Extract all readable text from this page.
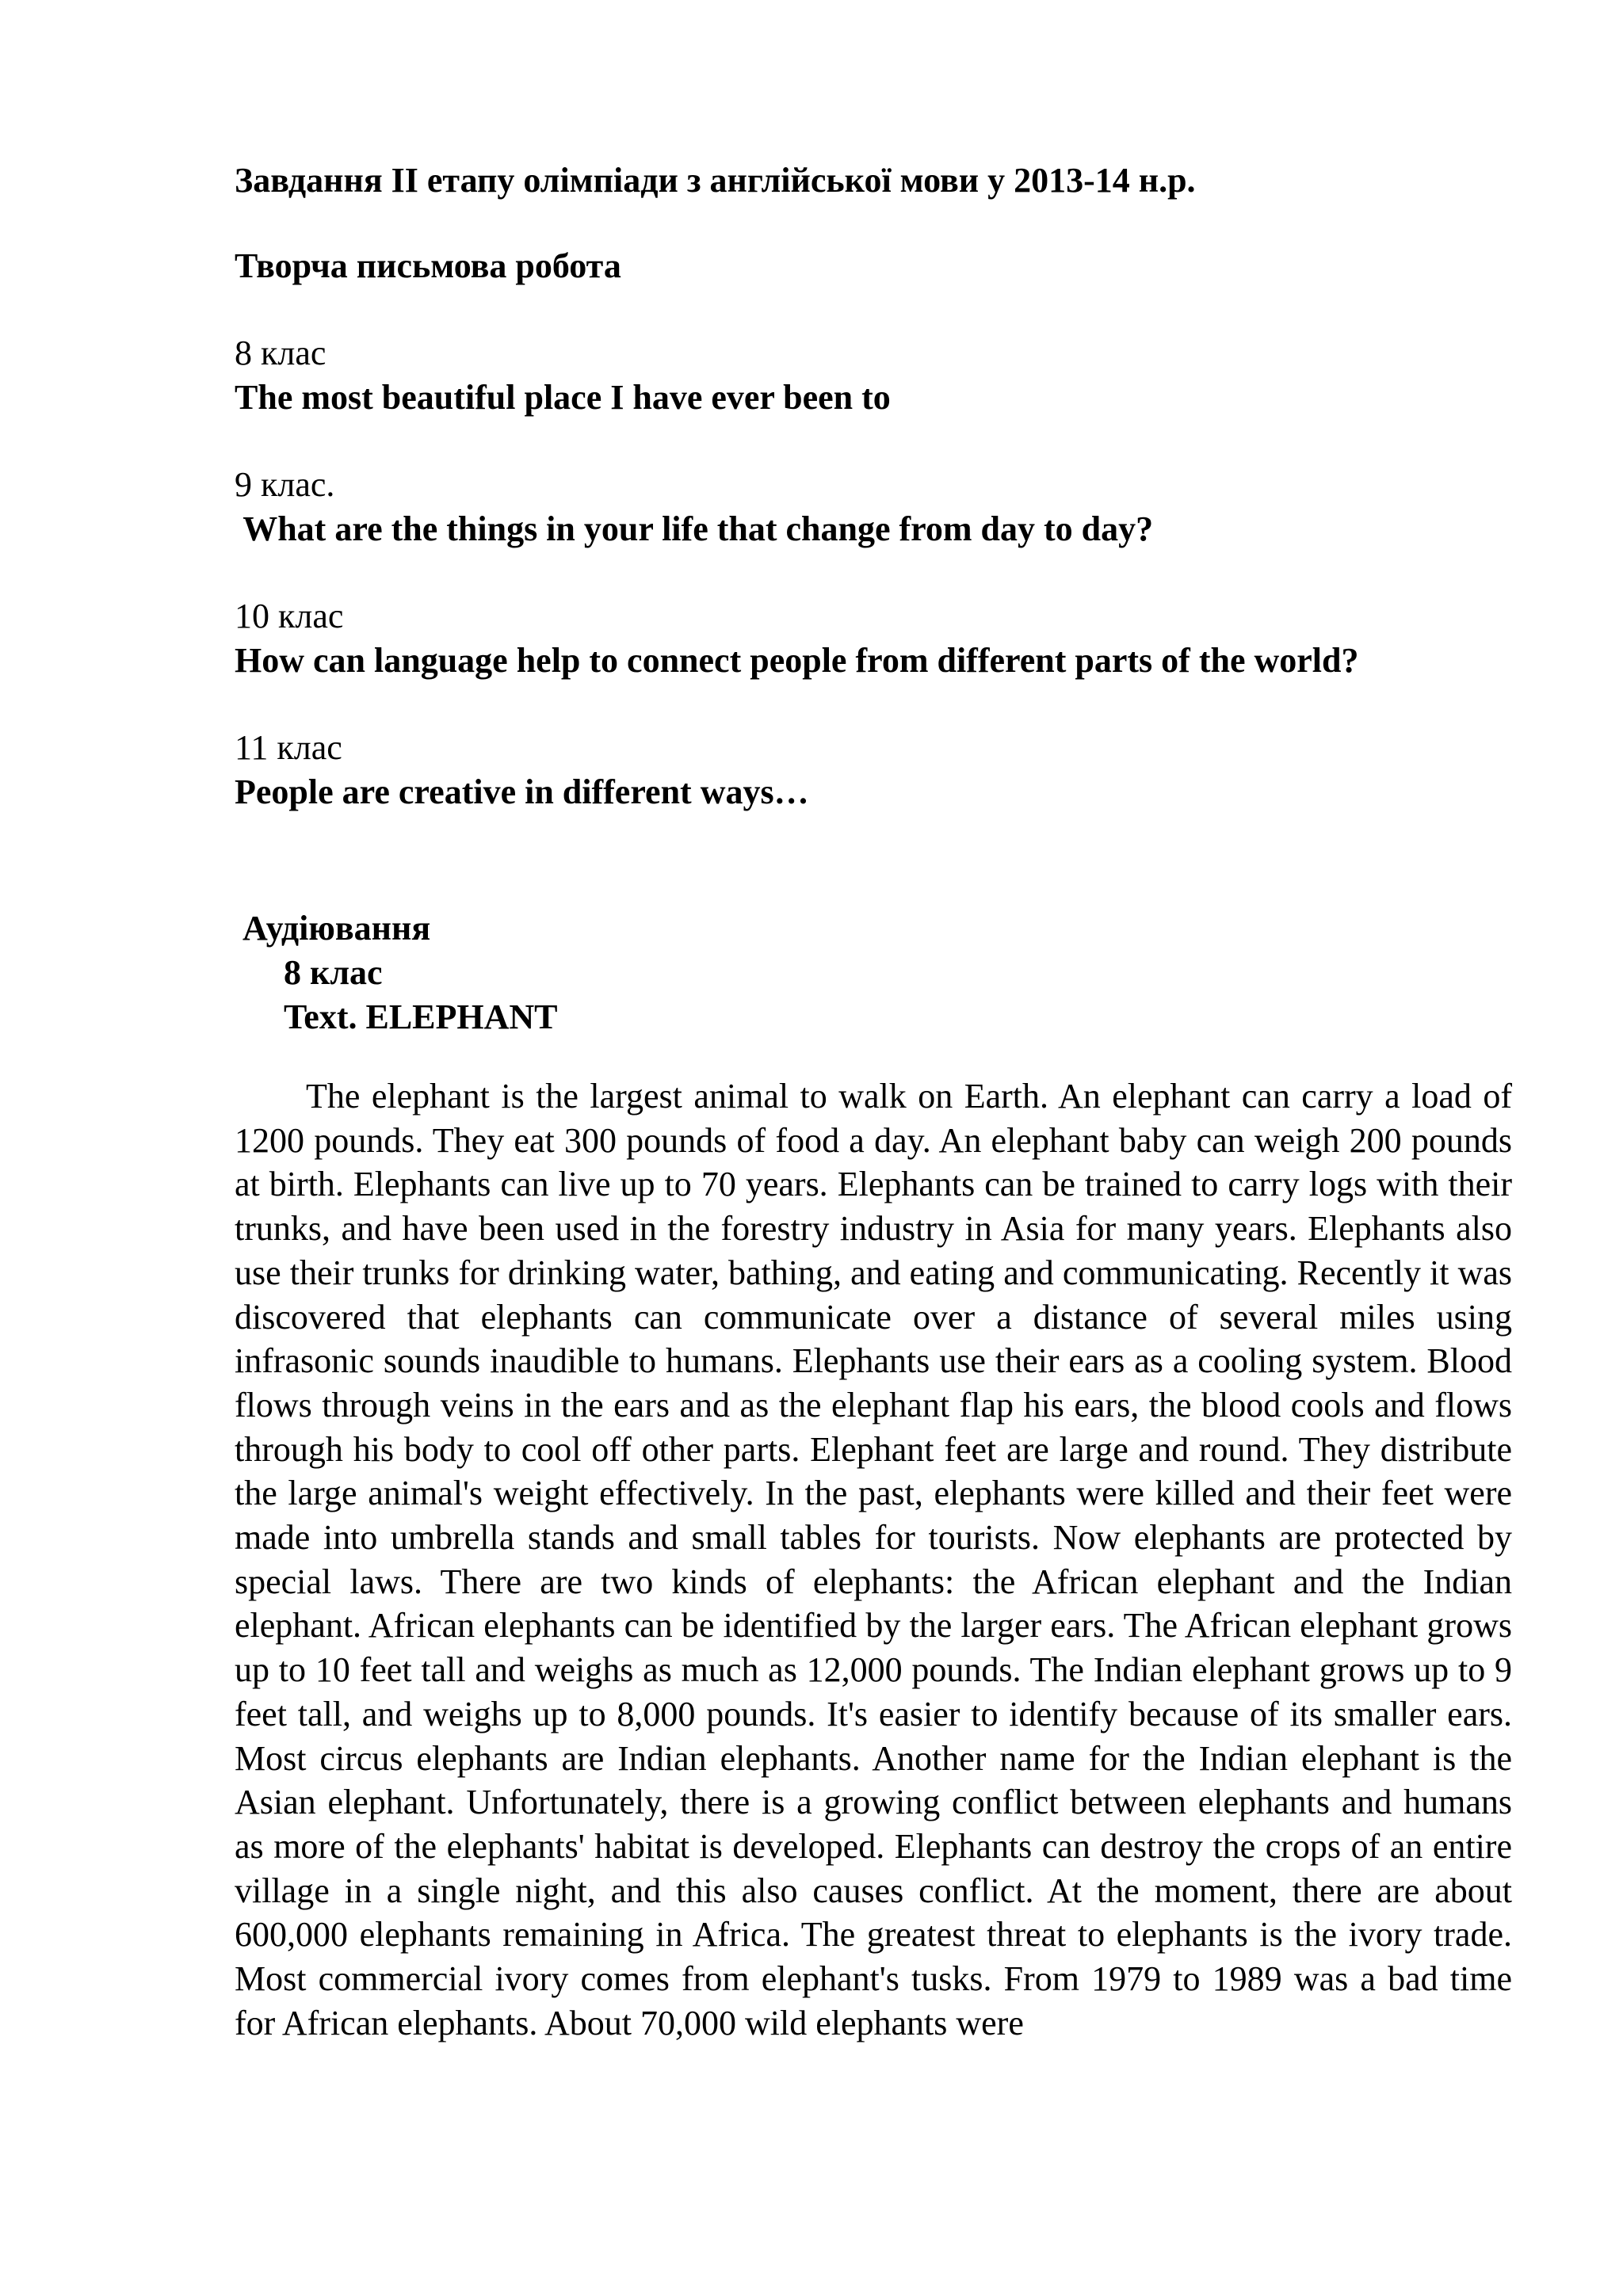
Завдання ІІ етапу олімпіади з англійської мови у 2013-14 н.р.
Творча письмова робота
8 клас
The most beautiful place I have ever been to
9 клас.
What are the things in your life that change from day to day?
10 клас
How can language help to connect people from different parts of the world?
11 клас
People are creative in different ways…
Аудіювання
8 клас
Text. ELEPHANT

The elephant is the largest animal to walk on Earth. An elephant can carry a load of 1200 pounds. They eat 300 pounds of food a day. An elephant baby can weigh 200 pounds at birth. Elephants can live up to 70 years. Elephants can be trained to carry logs with their trunks, and have been used in the forestry industry in Asia for many years. Elephants also use their trunks for drinking water, bathing, and eating and communicating. Recently it was discovered that elephants can communicate over a distance of several miles using infrasonic sounds inaudible to humans. Elephants use their ears as a cooling system. Blood flows through veins in the ears and as the elephant flap his ears, the blood cools and flows through his body to cool off other parts. Elephant feet are large and round. They distribute the large animal's weight effectively. In the past, elephants were killed and their feet were made into umbrella stands and small tables for tourists. Now elephants are protected by special laws. There are two kinds of elephants: the African elephant and the Indian elephant. African elephants can be identified by the larger ears. The African elephant grows up to 10 feet tall and weighs as much as 12,000 pounds. The Indian elephant grows up to 9 feet tall, and weighs up to 8,000 pounds. It's easier to identify because of its smaller ears. Most circus elephants are Indian elephants. Another name for the Indian elephant is the Asian elephant. Unfortunately, there is a growing conflict between elephants and humans as more of the elephants' habitat is developed. Elephants can destroy the crops of an entire village in a single night, and this also causes conflict. At the moment, there are about 600,000 elephants remaining in Africa. The greatest threat to elephants is the ivory trade. Most commercial ivory comes from elephant's tusks. From 1979 to 1989 was a bad time for African elephants. About 70,000 wild elephants were
